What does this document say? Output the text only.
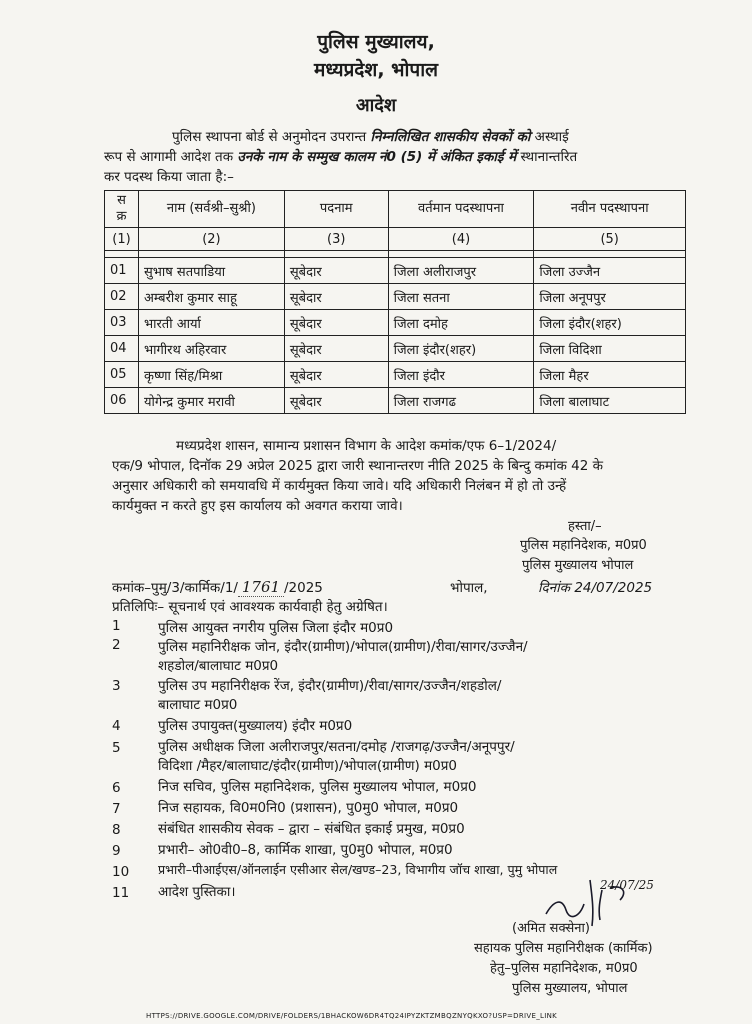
पुलिस मुख्यालय,
मध्यप्रदेश, भोपाल
आदेश
पुलिस स्थापना बोर्ड से अनुमोदन उपरान्त निम्नलिखित शासकीय सेवकों को अस्थाई
रूप से आगामी आदेश तक उनके नाम के सम्मुख कालम नं0 (5) में अंकित इकाई में स्थानान्तरित
कर पदस्थ किया जाता है:–
स क्र	नाम (सर्वश्री–सुश्री)	पदनाम	वर्तमान पदस्थापना	नवीन पदस्थापना
(1)	(2)	(3)	(4)	(5)

01	सुभाष सतपाडिया	सूबेदार	जिला अलीराजपुर	जिला उज्जैन
02	अम्बरीश कुमार साहू	सूबेदार	जिला सतना	जिला अनूपपुर
03	भारती आर्या	सूबेदार	जिला दमोह	जिला इंदौर(शहर)
04	भागीरथ अहिरवार	सूबेदार	जिला इंदौर(शहर)	जिला विदिशा
05	कृष्णा सिंह/मिश्रा	सूबेदार	जिला इंदौर	जिला मैहर
06	योगेन्द्र कुमार मरावी	सूबेदार	जिला राजगढ	जिला बालाघाट
मध्यप्रदेश शासन, सामान्य प्रशासन विभाग के आदेश कमांक/एफ 6–1/2024/
एक/9 भोपाल, दिनॉक 29 अप्रेल 2025 द्वारा जारी स्थानान्तरण नीति 2025 के बिन्दु कमांक 42 के
अनुसार अधिकारी को समयावधि में कार्यमुक्त किया जावे। यदि अधिकारी निलंबन में हो तो उन्हें
कार्यमुक्त न करते हुए इस कार्यालय को अवगत कराया जावे।
हस्ता/–
पुलिस महानिदेशक, म0प्र0
पुलिस मुख्यालय भोपाल
कमांक–पुमु/3/कार्मिक/1/ 1761 /2025	भोपाल,	दिनांक 24/07/2025
प्रतिलिपिः– सूचनार्थ एवं आवश्यक कार्यवाही हेतु अग्रेषित।
1	पुलिस आयुक्त नगरीय पुलिस जिला इंदौर म0प्र0
2	पुलिस महानिरीक्षक जोन, इंदौर(ग्रामीण)/भोपाल(ग्रामीण)/रीवा/सागर/उज्जैन/
शहडोल/बालाघाट म0प्र0
3	पुलिस उप महानिरीक्षक रेंज, इंदौर(ग्रामीण)/रीवा/सागर/उज्जैन/शहडोल/
बालाघाट म0प्र0
4	पुलिस उपायुक्त(मुख्यालय) इंदौर म0प्र0
5	पुलिस अधीक्षक जिला अलीराजपुर/सतना/दमोह /राजगढ़/उज्जैन/अनूपपुर/
विदिशा /मैहर/बालाघाट/इंदौर(ग्रामीण)/भोपाल(ग्रामीण) म0प्र0
6	निज सचिव, पुलिस महानिदेशक, पुलिस मुख्यालय भोपाल, म0प्र0
7	निज सहायक, वि0म0नि0 (प्रशासन), पु0मु0 भोपाल, म0प्र0
8	संबंधित शासकीय सेवक – द्वारा – संबंधित इकाई प्रमुख, म0प्र0
9	प्रभारी– ओ0वी0–8, कार्मिक शाखा, पु0मु0 भोपाल, म0प्र0
10 प्रभारी–पीआईएस/ऑनलाईन एसीआर सेल/खण्ड–23, विभागीय जॉच शाखा, पुमु भोपाल
11 आदेश पुस्तिका।	24/07/25
(अमित सक्सेना)
सहायक पुलिस महानिरीक्षक (कार्मिक)
हेतु–पुलिस महानिदेशक, म0प्र0
पुलिस मुख्यालय, भोपाल
HTTPS://DRIVE.GOOGLE.COM/DRIVE/FOLDERS/1BHACKOW6DR4TQ24IPYZKTZMBQZNYQKXO?USP=DRIVE_LINK
